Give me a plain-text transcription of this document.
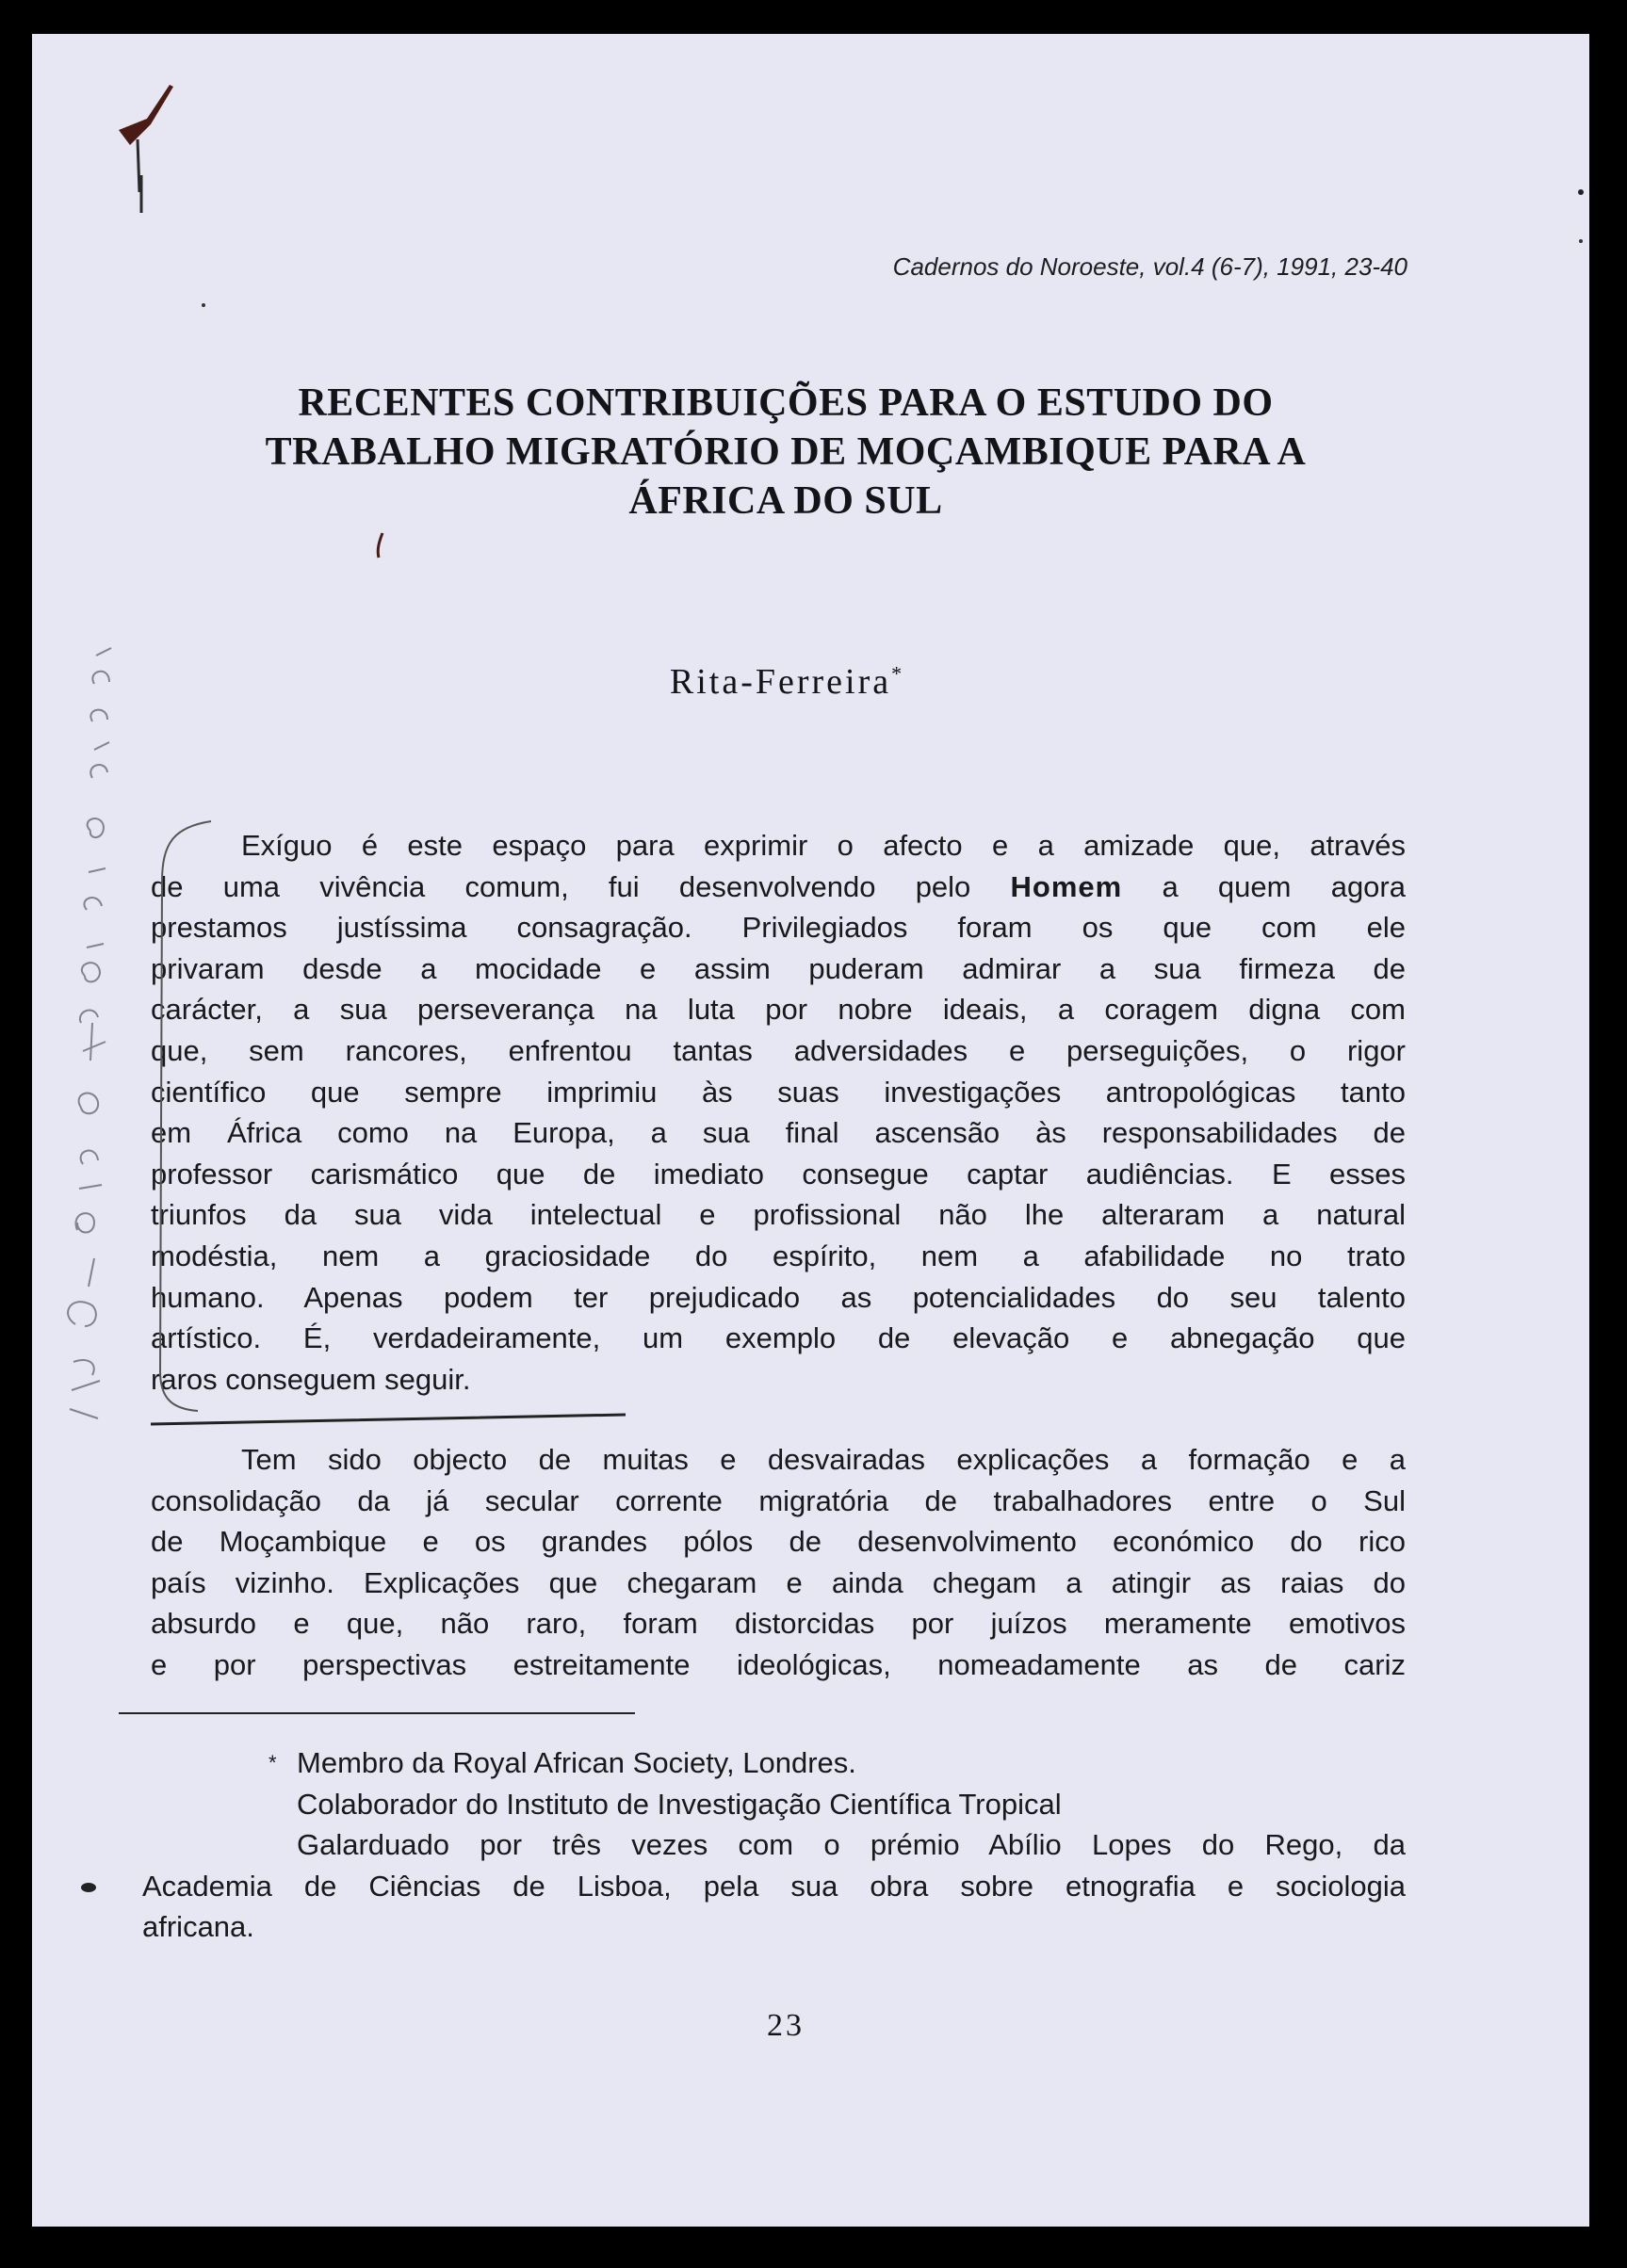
Cadernos do Noroeste, vol.4 (6-7), 1991, 23-40
RECENTES CONTRIBUIÇÕES PARA O ESTUDO DO
TRABALHO MIGRATÓRIO DE MOÇAMBIQUE PARA A
ÁFRICA DO SUL
Rita-Ferreira*
Exíguo é este espaço para exprimir o afecto e a amizade que, através
de uma vivência comum, fui desenvolvendo pelo Homem a quem agora
prestamos justíssima consagração. Privilegiados foram os que com ele
privaram desde a mocidade e assim puderam admirar a sua firmeza de
carácter, a sua perseverança na luta por nobre ideais, a coragem digna com
que, sem rancores, enfrentou tantas adversidades e perseguições, o rigor
científico que sempre imprimiu às suas investigações antropológicas tanto
em África como na Europa, a sua final ascensão às responsabilidades de
professor carismático que de imediato consegue captar audiências. E esses
triunfos da sua vida intelectual e profissional não lhe alteraram a natural
modéstia, nem a graciosidade do espírito, nem a afabilidade no trato
humano. Apenas podem ter prejudicado as potencialidades do seu talento
artístico. É, verdadeiramente, um exemplo de elevação e abnegação que
raros conseguem seguir.
Tem sido objecto de muitas e desvairadas explicações a formação e a
consolidação da já secular corrente migratória de trabalhadores entre o Sul
de Moçambique e os grandes pólos de desenvolvimento económico do rico
país vizinho. Explicações que chegaram e ainda chegam a atingir as raias do
absurdo e que, não raro, foram distorcidas por juízos meramente emotivos
e por perspectivas estreitamente ideológicas, nomeadamente as de cariz
* Membro da Royal African Society, Londres.
Colaborador do Instituto de Investigação Científica Tropical
Galarduado por três vezes com o prémio Abílio Lopes do Rego, da
Academia de Ciências de Lisboa, pela sua obra sobre etnografia e sociologia
africana.
23
